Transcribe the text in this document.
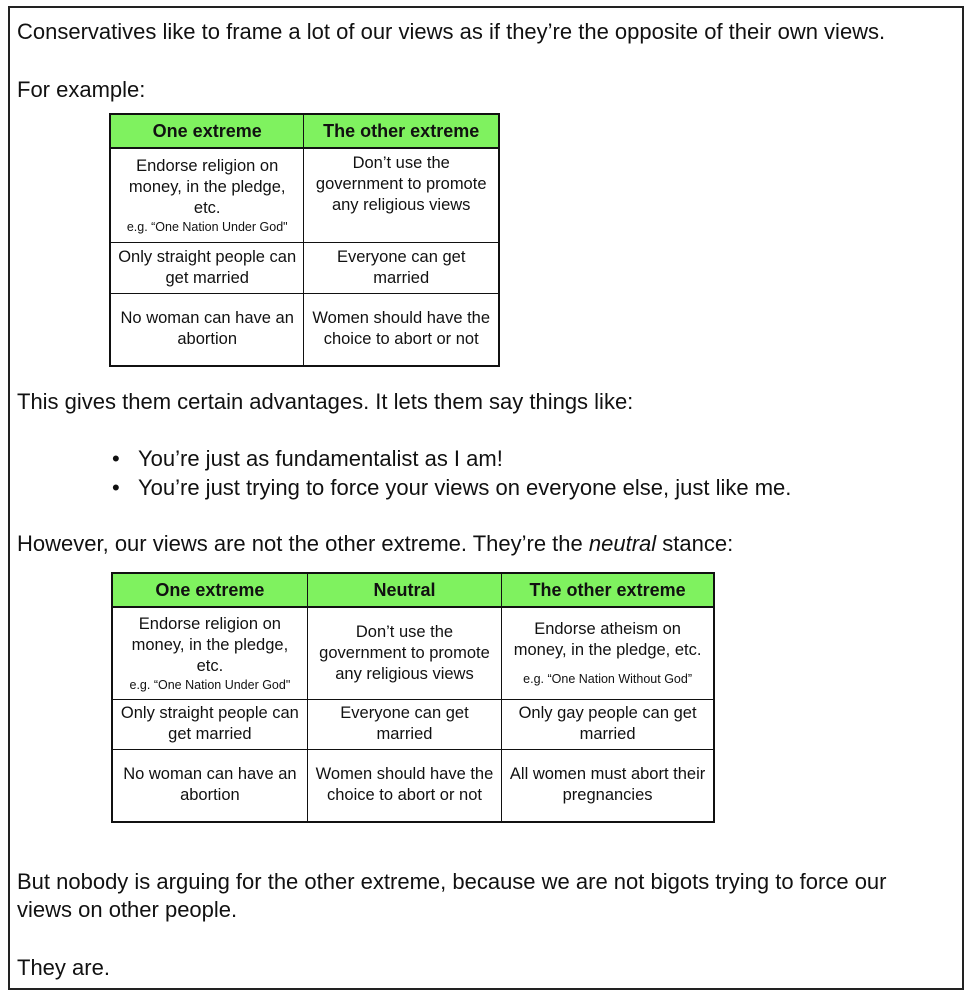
Conservatives like to frame a lot of our views as if they’re the opposite of their own views.

For example:

One extreme	The other extreme
Endorse religion on money, in the pledge, etc.
e.g. “One Nation Under God"	Don’t use the government to promote any religious views
Only straight people can get married	Everyone can get married
No woman can have an abortion	Women should have the choice to abort or not

This gives them certain advantages. It lets them say things like:

• You’re just as fundamentalist as I am!
• You’re just trying to force your views on everyone else, just like me.

However, our views are not the other extreme. They’re the neutral stance:

One extreme	Neutral	The other extreme
Endorse religion on money, in the pledge, etc.
e.g. “One Nation Under God"	Don’t use the government to promote any religious views	Endorse atheism on money, in the pledge, etc.
e.g. “One Nation Without God”

Only straight people can get married	Everyone can get married	Only gay people can get married
No woman can have an abortion	Women should have the choice to abort or not	All women must abort their pregnancies

But nobody is arguing for the other extreme, because we are not bigots trying to force our views on other people.

They are.
